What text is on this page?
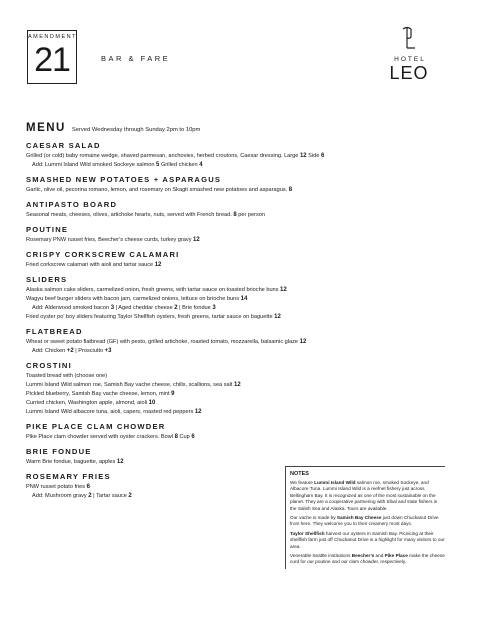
AMENDMENT
21	BAR & FARE	HOTEL
LEO
MENU Served Wednesday through Sunday 2pm to 10pm
CAESAR SALAD
Grilled (or cold) baby romaine wedge, shaved parmesan, anchovies, herbed croutons, Caesar dressing. Large 12 Side 6
Add: Lummi Island Wild smoked Sockeye salmon 5 Grilled chicken 4
SMASHED NEW POTATOES + ASPARAGUS
Garlic, olive oil, pecorina romano, lemon, and rosemary on Skagit smashed new potatoes and asparagus. 8
ANTIPASTO BOARD
Seasonal meats, cheeses, olives, artichoke hearts, nuts, served with French bread. 8 per person
POUTINE
Rosemary PNW russet fries, Beecher’s cheese curds, turkey gravy 12
CRISPY CORKSCREW CALAMARI
Fried corkscrew calamari with aioli and tartar sauce 12
SLIDERS
Alaska salmon cake sliders, carmelized onion, fresh greens, with tartar sauce on toasted brioche buns 12
Wagyu beef burger sliders with bacon jam, carmelized onions, lettuce on brioche buns 14
Add: Alderwood smoked bacon 3 | Aged cheddar cheese 2 | Brie fondue 3
Fried oyster po’ boy sliders featuring Taylor Shellfish oysters, fresh greens, tartar sauce on baguette 12
FLATBREAD
Wheat or sweet potato flatbread (GF) with pesto, grilled artichoke, roasted tomato, mozzarella, balsamic glaze 12
Add: Chicken +2 | Prosciutto +3
CROSTINI
Toasted bread with (choose one)
Lummi Island Wild salmon roe, Samish Bay vache cheese, chills, scallions, sea salt 12
Pickled blueberry, Samish Bay vache cheese, lemon, mint 9
Curried chicken, Washington apple, almond, aioli 10
Lummi Island Wild albacore tuna, aioli, capers, roasted red peppers 12
PIKE PLACE CLAM CHOWDER
Pike Place clam chowder served with oyster crackers. Bowl 8 Cup 6
BRIE FONDUE
Warm Brie fondue, baguette, apples 12
ROSEMARY FRIES
PNW russet potato fries 6
Add: Mushroom gravy 2 | Tartar sauce 2
NOTES
We feature Lummi Island Wild salmon roe, smoked Sockeye, and Albacore Tuna. Lummi Island Wild is a reefnet fishery just across Bellingham Bay. It is recognized as one of the most sustainable on the planet. They are a cooperative partnering with tribal and state fishers in the Salish Sea and Alaska. Tours are available.
Our vache is made by Samish Bay Cheese just down Chuckanut Drive from here. They welcome you to their creamery most days.
Taylor Shellfish harvest our oysters in Samish Bay. Picnicing at their shellfish farm just off Chuckanut Drive is a highlight for many visitors to our area.
Venerable Seattle institutions Beecher’s and Pike Place make the cheese curd for our poutine and our clam chowder, respectively.
